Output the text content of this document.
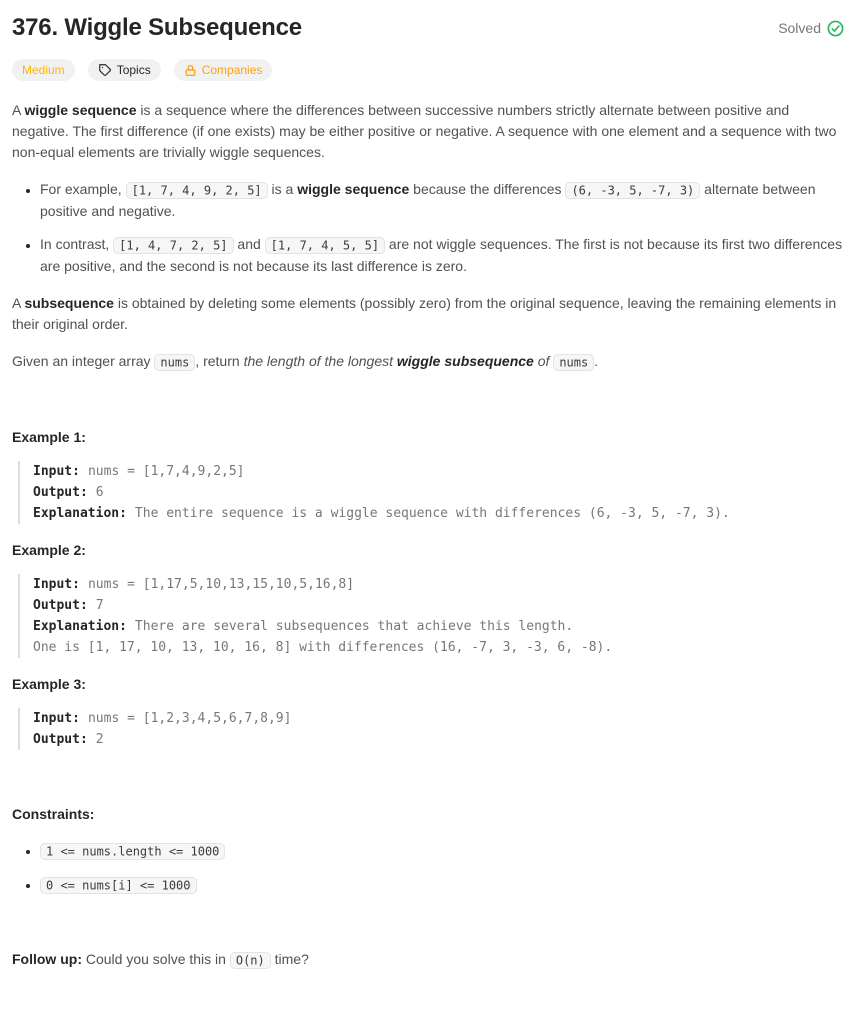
376. Wiggle Subsequence	Solved
Medium	Topics	Companies

A wiggle sequence is a sequence where the differences between successive numbers strictly alternate between positive and negative. The first difference (if one exists) may be either positive or negative. A sequence with one element and a sequence with two non-equal elements are trivially wiggle sequences.

• For example, [1, 7, 4, 9, 2, 5] is a wiggle sequence because the differences (6, -3, 5, -7, 3) alternate between positive and negative.
• In contrast, [1, 4, 7, 2, 5] and [1, 7, 4, 5, 5] are not wiggle sequences. The first is not because its first two differences are positive, and the second is not because its last difference is zero.

A subsequence is obtained by deleting some elements (possibly zero) from the original sequence, leaving the remaining elements in their original order.

Given an integer array nums , return the length of the longest wiggle subsequence of nums .

Example 1:

Input: nums = [1,7,4,9,2,5]
Output: 6
Explanation: The entire sequence is a wiggle sequence with differences (6, -3, 5, -7, 3).

Example 2:

Input: nums = [1,17,5,10,13,15,10,5,16,8]
Output: 7
Explanation: There are several subsequences that achieve this length.
One is [1, 17, 10, 13, 10, 16, 8] with differences (16, -7, 3, -3, 6, -8).

Example 3:

Input: nums = [1,2,3,4,5,6,7,8,9]
Output: 2

Constraints:

• 1 <= nums.length <= 1000
• 0 <= nums[i] <= 1000

Follow up: Could you solve this in O(n) time?
